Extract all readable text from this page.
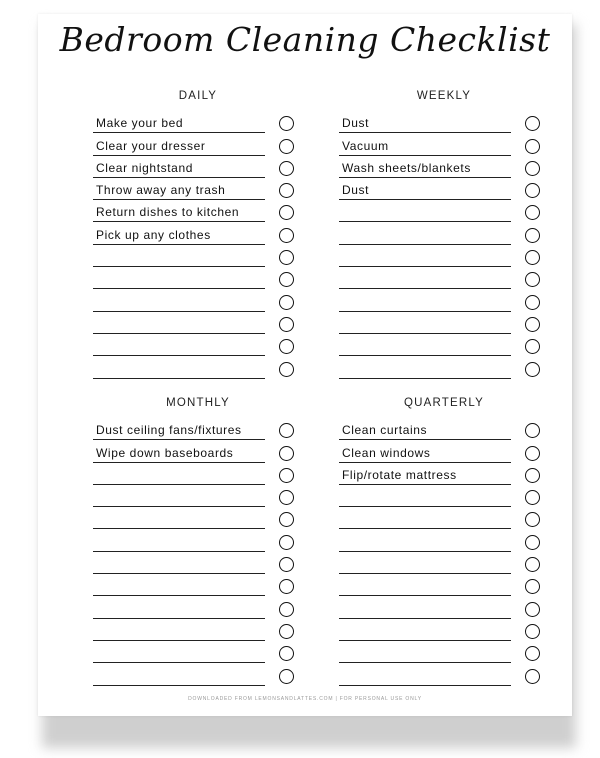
Bedroom Cleaning Checklist
DAILY
Make your bed
Clear your dresser
Clear nightstand
Throw away any trash
Return dishes to kitchen
Pick up any clothes
WEEKLY
Dust
Vacuum
Wash sheets/blankets
Dust
MONTHLY
Dust ceiling fans/fixtures
Wipe down baseboards
QUARTERLY
Clean curtains
Clean windows
Flip/rotate mattress
DOWNLOADED FROM LEMONSANDLATTES.COM | FOR PERSONAL USE ONLY
